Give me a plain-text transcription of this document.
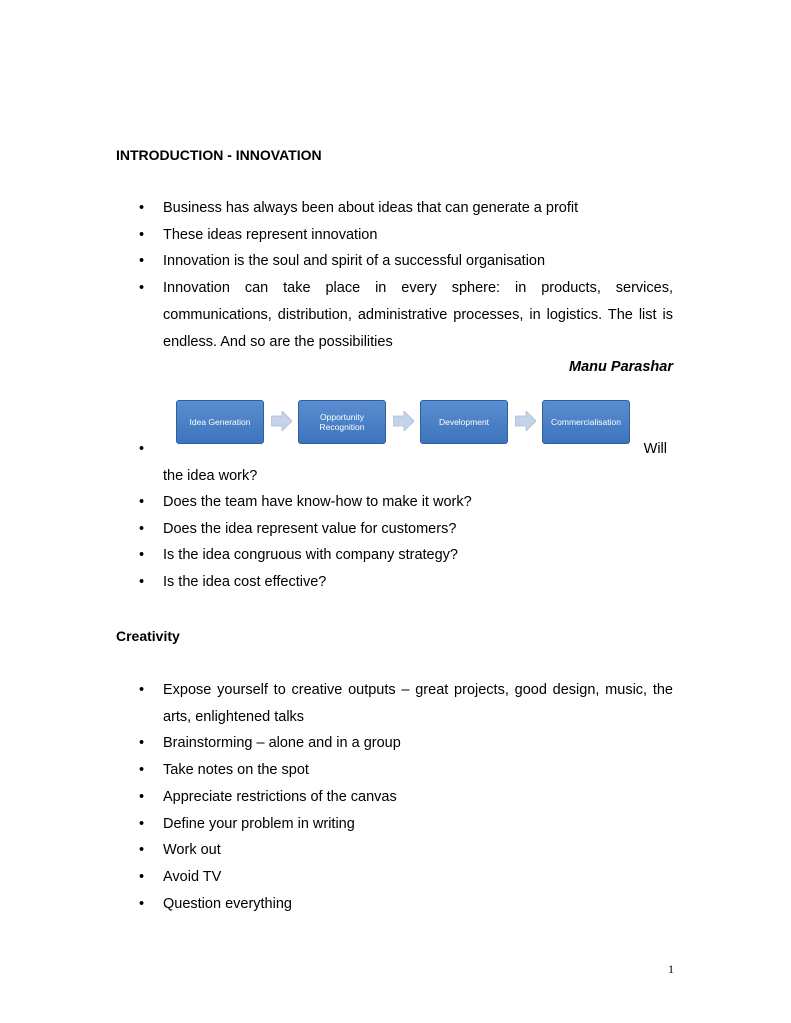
INTRODUCTION - INNOVATION
• Business has always been about ideas that can generate a profit
• These ideas represent innovation
• Innovation is the soul and spirit of a successful organisation
• Innovation can take place in every sphere: in products, services, communications, distribution, administrative processes, in logistics. The list is endless. And so are the possibilities
Manu Parashar
Idea Generation	Opportunity Recognition	Development	Commercialisation
•	Will
the idea work?
• Does the team have know-how to make it work?
• Does the idea represent value for customers?
• Is the idea congruous with company strategy?
• Is the idea cost effective?
Creativity
• Expose yourself to creative outputs – great projects, good design, music, the arts, enlightened talks
• Brainstorming – alone and in a group
• Take notes on the spot
• Appreciate restrictions of the canvas
• Define your problem in writing
• Work out
• Avoid TV
• Question everything
1
